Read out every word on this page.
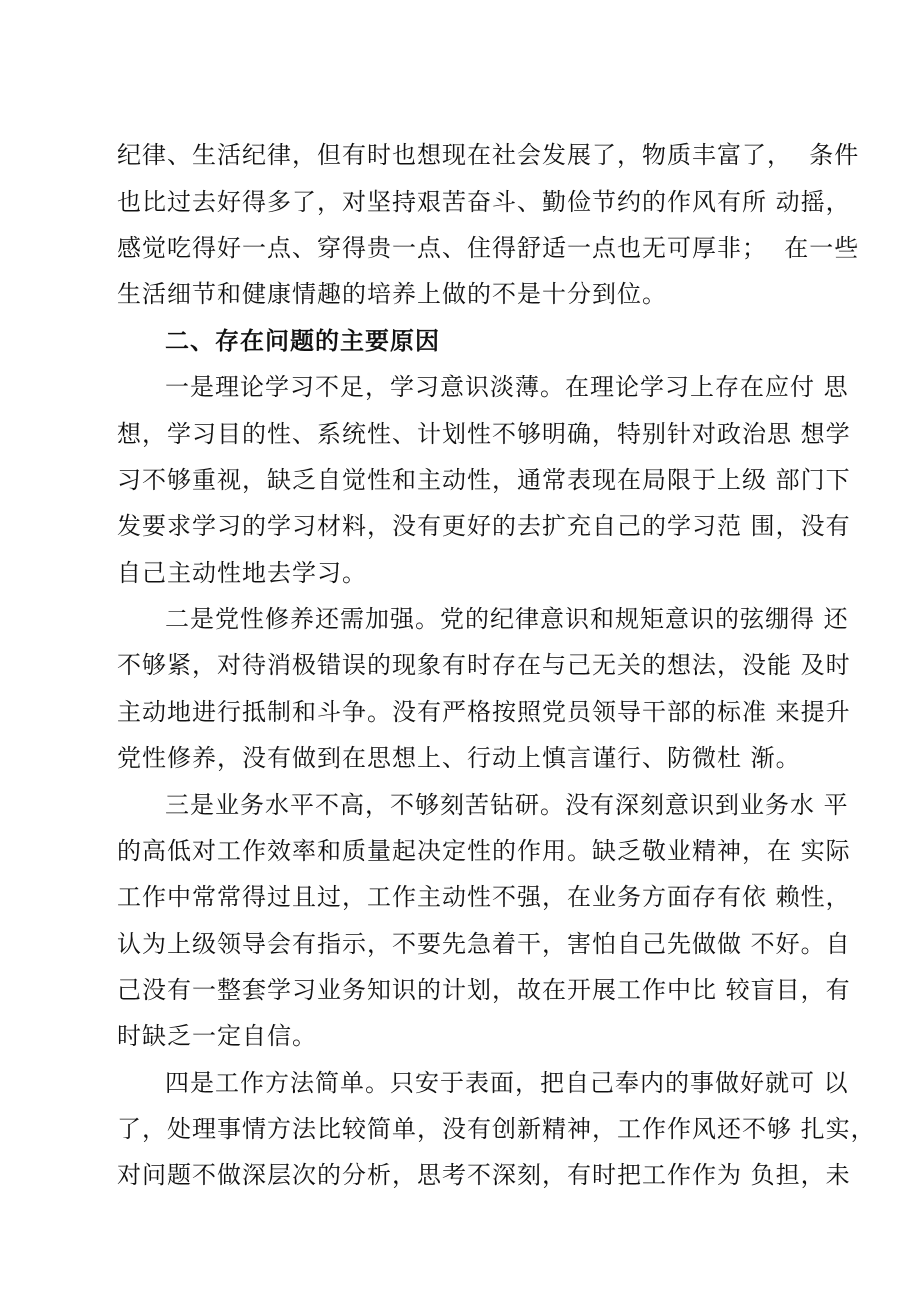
纪律、生活纪律，但有时也想现在社会发展了，物质丰富了，  条件
也比过去好得多了，对坚持艰苦奋斗、勤俭节约的作风有所 动摇，
感觉吃得好一点、穿得贵一点、住得舒适一点也无可厚非；  在一些
生活细节和健康情趣的培养上做的不是十分到位。
二、存在问题的主要原因
一是理论学习不足，学习意识淡薄。在理论学习上存在应付 思
想，学习目的性、系统性、计划性不够明确，特别针对政治思 想学
习不够重视，缺乏自觉性和主动性，通常表现在局限于上级 部门下
发要求学习的学习材料，没有更好的去扩充自己的学习范 围，没有
自己主动性地去学习。
二是党性修养还需加强。党的纪律意识和规矩意识的弦绷得 还
不够紧，对待消极错误的现象有时存在与己无关的想法，没能 及时
主动地进行抵制和斗争。没有严格按照党员领导干部的标准 来提升
党性修养，没有做到在思想上、行动上慎言谨行、防微杜 渐。
三是业务水平不高，不够刻苦钻研。没有深刻意识到业务水 平
的高低对工作效率和质量起决定性的作用。缺乏敬业精神，在 实际
工作中常常得过且过，工作主动性不强，在业务方面存有依 赖性，
认为上级领导会有指示，不要先急着干，害怕自己先做做 不好。自
己没有一整套学习业务知识的计划，故在开展工作中比 较盲目，有
时缺乏一定自信。
四是工作方法简单。只安于表面，把自己奉内的事做好就可 以
了，处理事情方法比较简单，没有创新精神，工作作风还不够 扎实，
对问题不做深层次的分析，思考不深刻，有时把工作作为 负担，未
